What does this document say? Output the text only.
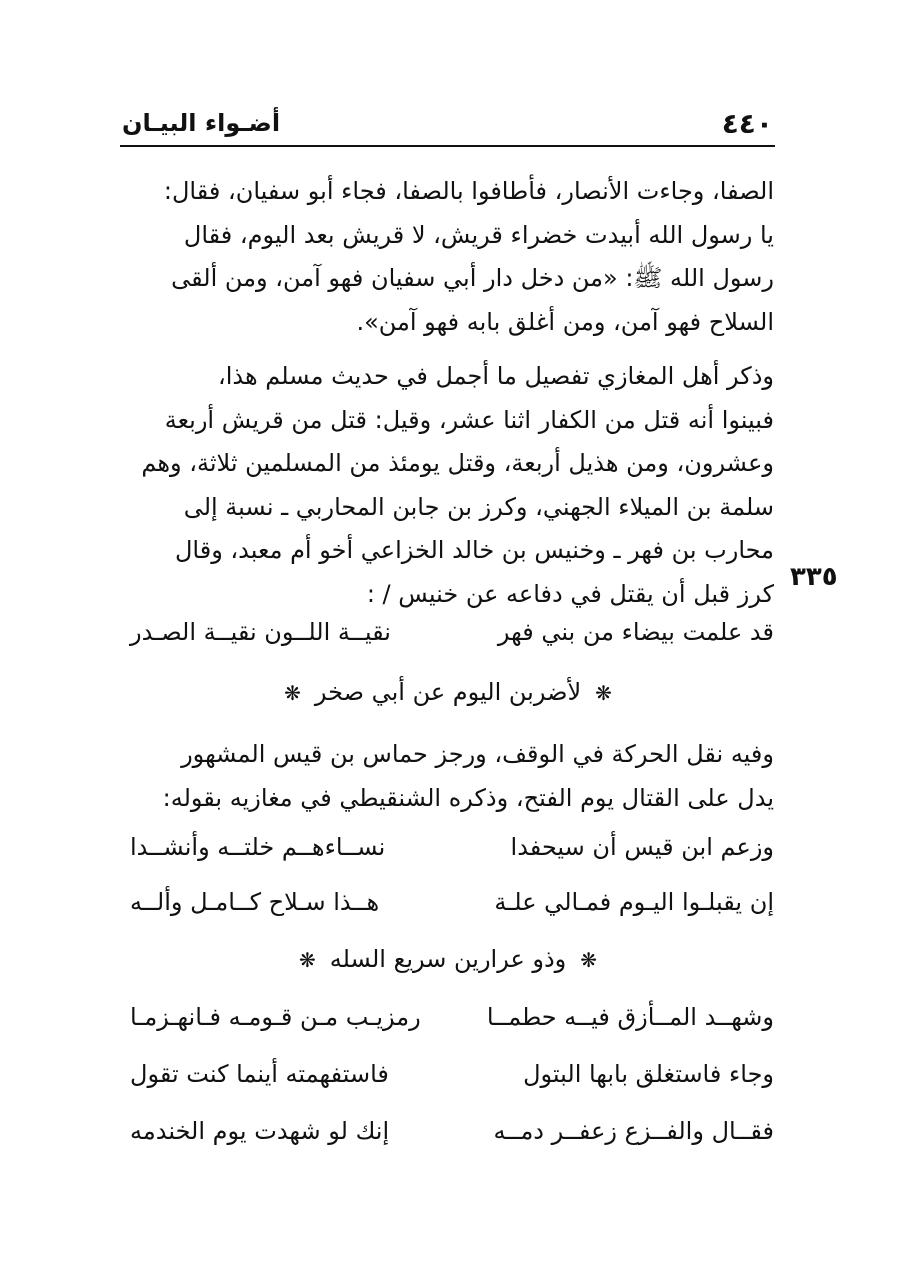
٤٤٠
أضـواء البيـان
الصفا، وجاءت الأنصار، فأطافوا بالصفا، فجاء أبو سفيان، فقال:
يا رسول الله أبيدت خضراء قريش، لا قريش بعد اليوم، فقال
رسول الله ﷺ: «من دخل دار أبي سفيان فهو آمن، ومن ألقى
السلاح فهو آمن، ومن أغلق بابه فهو آمن».
وذكر أهل المغازي تفصيل ما أجمل في حديث مسلم هذا،
فبينوا أنه قتل من الكفار اثنا عشر، وقيل: قتل من قريش أربعة
وعشرون، ومن هذيل أربعة، وقتل يومئذ من المسلمين ثلاثة، وهم
سلمة بن الميلاء الجهني، وكرز بن جابن المحاربي ـ نسبة إلى
محارب بن فهر ـ وخنيس بن خالد الخزاعي أخو أم معبد، وقال
كرز قبل أن يقتل في دفاعه عن خنيس / :
٣٣٥
قد علمت بيضاء من بني فهر
نقيــة اللــون نقيــة الصـدر
❋لأضربن اليوم عن أبي صخر❋
وفيه نقل الحركة في الوقف، ورجز حماس بن قيس المشهور
يدل على القتال يوم الفتح، وذكره الشنقيطي في مغازيه بقوله:
وزعم ابن قيس أن سيحفدا
نســاءهــم خلتــه وأنشــدا
إن يقبلـوا اليـوم فمـالي علـة
هــذا سـلاح كــامـل وألــه
❋وذو عرارين سريع السله❋
وشهــد المــأزق فيــه حطمــا
رمزيـب مـن قـومـه فـانهـزمـا
وجاء فاستغلق بابها البتول
فاستفهمته أينما كنت تقول
فقــال والفــزع زعفــر دمــه
إنك لو شهدت يوم الخندمه
